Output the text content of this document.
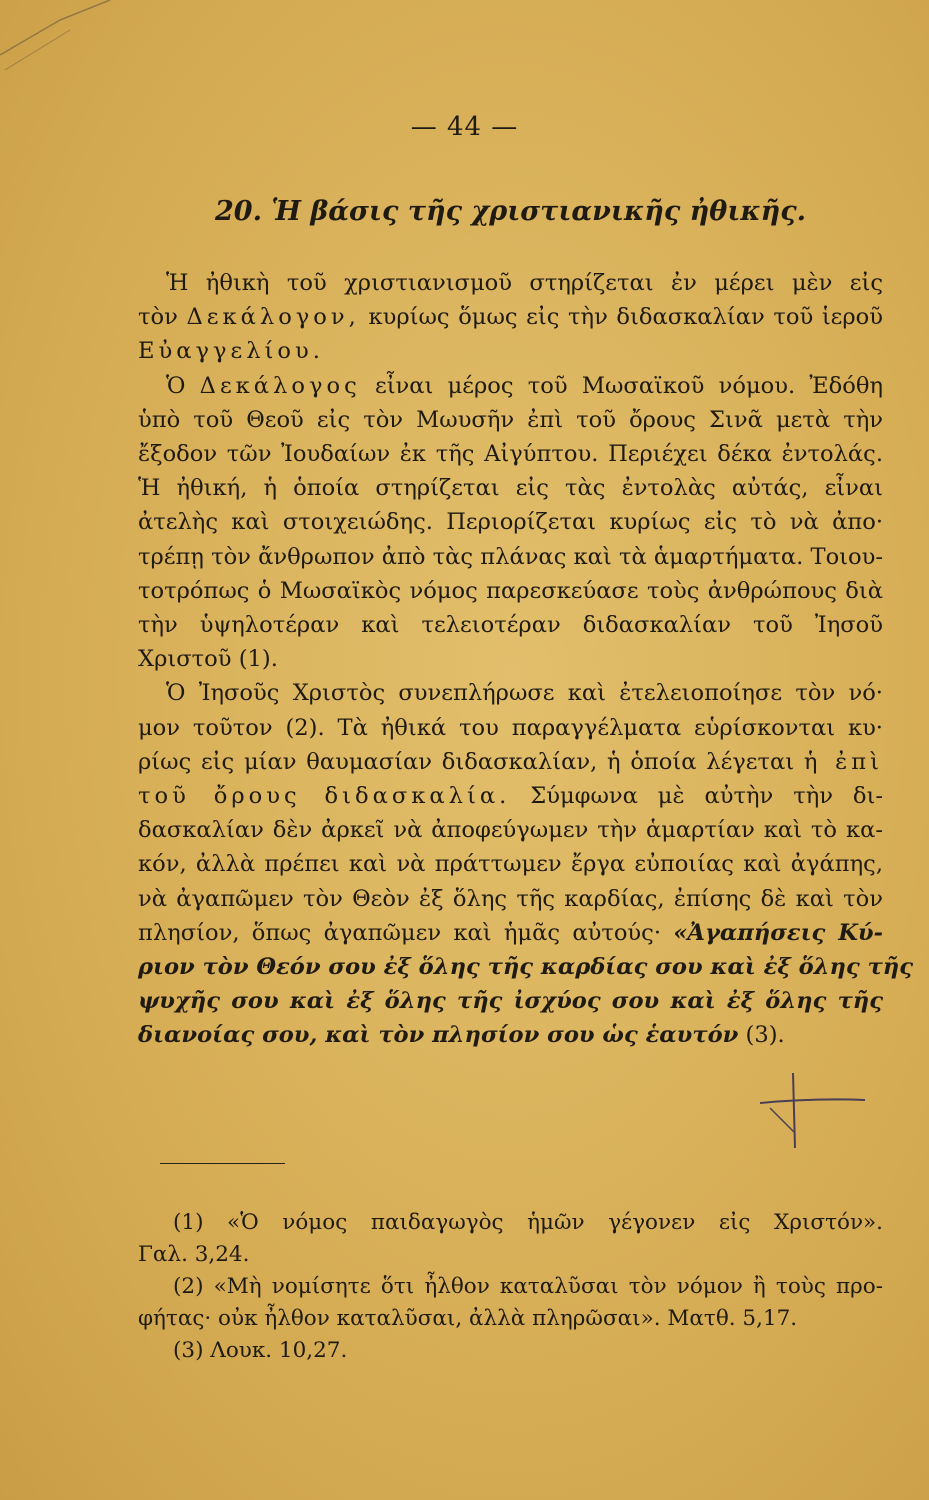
— 44 —
20. Ἡ βάσις τῆς χριστιανικῆς ἠθικῆς.
Ἡ ἠθικὴ τοῦ χριστιανισμοῦ στηρίζεται ἐν μέρει μὲν εἰς
τὸν Δεκάλογον, κυρίως ὅμως εἰς τὴν διδασκαλίαν τοῦ ἱεροῦ
Εὐαγγελίου.
Ὁ Δεκάλογος εἶναι μέρος τοῦ Μωσαϊκοῦ νόμου. Ἐδόθη
ὑπὸ τοῦ Θεοῦ εἰς τὸν Μωυσῆν ἐπὶ τοῦ ὄρους Σινᾶ μετὰ τὴν
ἔξοδον τῶν Ἰουδαίων ἐκ τῆς Αἰγύπτου. Περιέχει δέκα ἐντολάς.
Ἡ ἠθική, ἡ ὁποία στηρίζεται εἰς τὰς ἐντολὰς αὐτάς, εἶναι
ἀτελὴς καὶ στοιχειώδης. Περιορίζεται κυρίως εἰς τὸ νὰ ἀπο·
τρέπῃ τὸν ἄνθρωπον ἀπὸ τὰς πλάνας καὶ τὰ ἁμαρτήματα. Τοιου-
τοτρόπως ὁ Μωσαϊκὸς νόμος παρεσκεύασε τοὺς ἀνθρώπους διὰ
τὴν ὑψηλοτέραν καὶ τελειοτέραν διδασκαλίαν τοῦ Ἰησοῦ
Χριστοῦ (1).
Ὁ Ἰησοῦς Χριστὸς συνεπλήρωσε καὶ ἐτελειοποίησε τὸν νό·
μον τοῦτον (2). Τὰ ἠθικά του παραγγέλματα εὑρίσκονται κυ·
ρίως εἰς μίαν θαυμασίαν διδασκαλίαν, ἡ ὁποία λέγεται ἡ ἐπὶ
τοῦ ὄρους διδασκαλία. Σύμφωνα μὲ αὐτὴν τὴν δι-
δασκαλίαν δὲν ἀρκεῖ νὰ ἀποφεύγωμεν τὴν ἁμαρτίαν καὶ τὸ κα-
κόν, ἀλλὰ πρέπει καὶ νὰ πράττωμεν ἔργα εὐποιίας καὶ ἀγάπης,
νὰ ἀγαπῶμεν τὸν Θεὸν ἐξ ὅλης τῆς καρδίας, ἐπίσης δὲ καὶ τὸν
πλησίον, ὅπως ἀγαπῶμεν καὶ ἡμᾶς αὐτούς· «Ἀγαπήσεις Κύ-
ριον τὸν Θεόν σου ἐξ ὅλης τῆς καρδίας σου καὶ ἐξ ὅλης τῆς
ψυχῆς σου καὶ ἐξ ὅλης τῆς ἰσχύος σου καὶ ἐξ ὅλης τῆς
διανοίας σου, καὶ τὸν πλησίον σου ὡς ἑαυτόν (3).
(1) «Ὁ νόμος παιδαγωγὸς ἡμῶν γέγονεν εἰς Χριστόν».
Γαλ. 3,24.
(2) «Μὴ νομίσητε ὅτι ἦλθον καταλῦσαι τὸν νόμον ἢ τοὺς προ-
φήτας· οὐκ ἦλθον καταλῦσαι, ἀλλὰ πληρῶσαι». Ματθ. 5,17.
(3) Λουκ. 10,27.
